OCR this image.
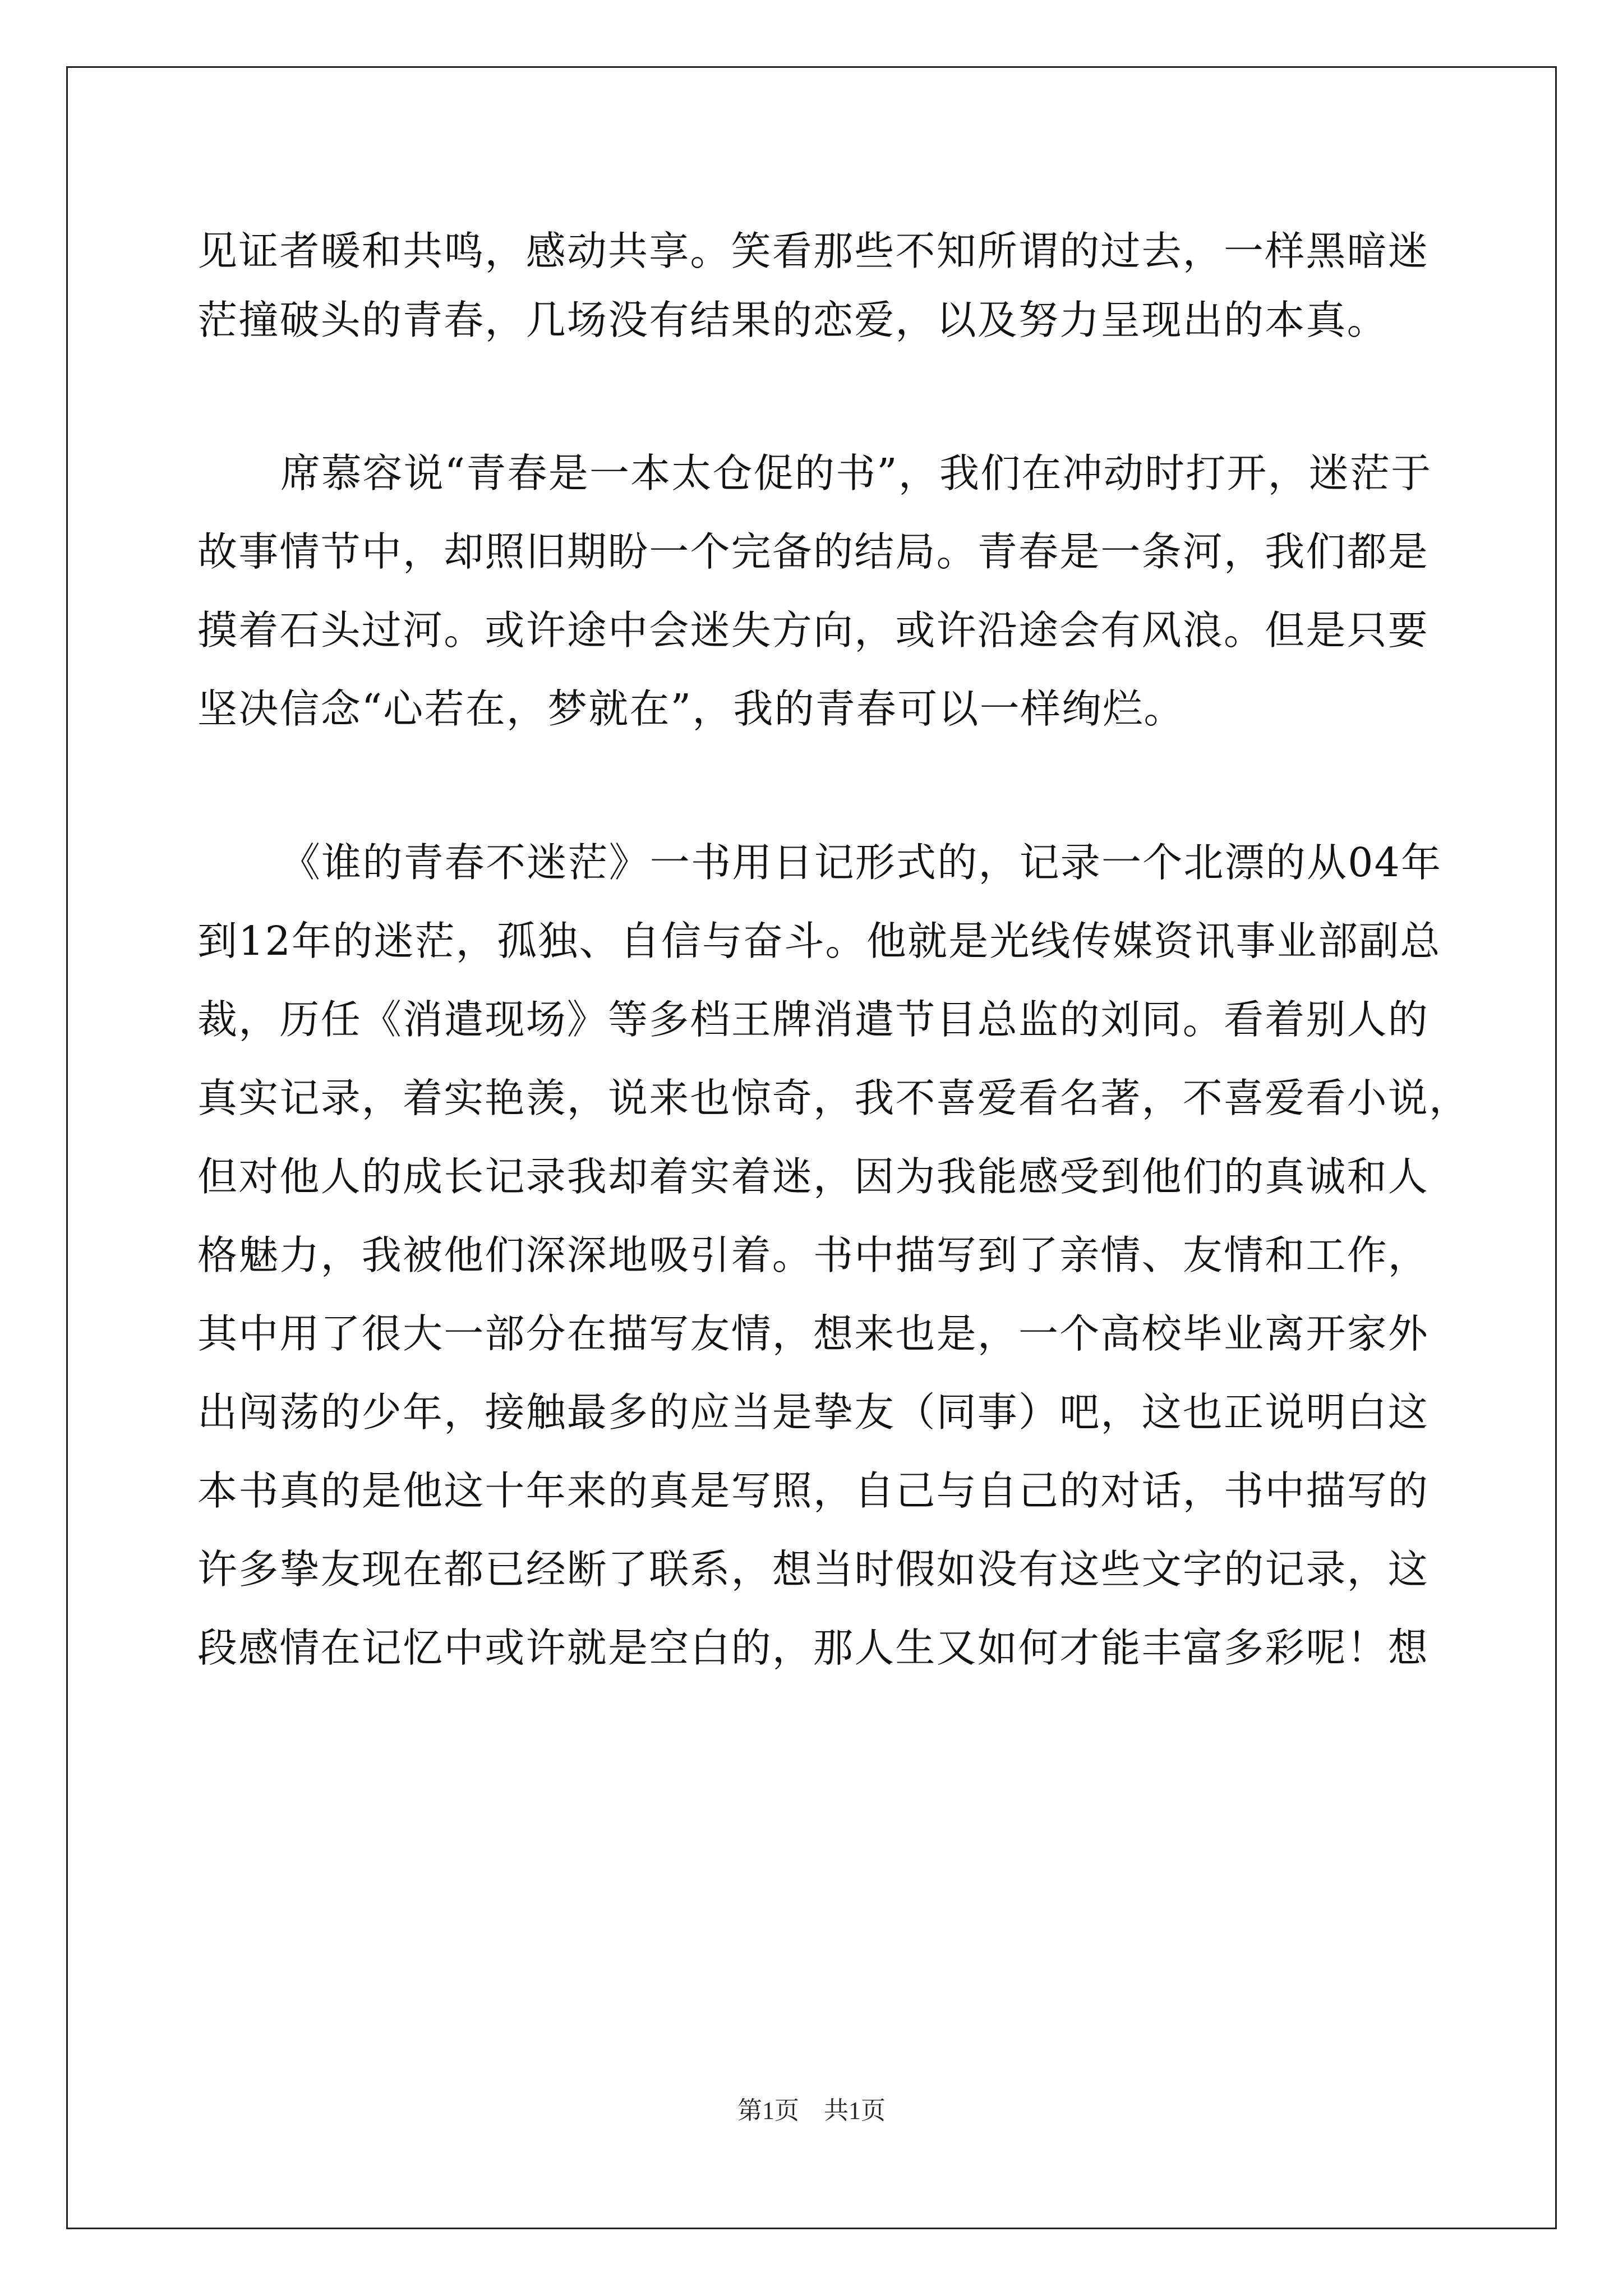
见证者暖和共鸣，感动共享。笑看那些不知所谓的过去，一样黑暗迷
茫撞破头的青春，几场没有结果的恋爱，以及努力呈现出的本真。
席慕容说“青春是一本太仓促的书”，我们在冲动时打开，迷茫于
故事情节中，却照旧期盼一个完备的结局。青春是一条河，我们都是
摸着石头过河。或许途中会迷失方向，或许沿途会有风浪。但是只要
坚决信念“心若在，梦就在”，我的青春可以一样绚烂。
《谁的青春不迷茫》一书用日记形式的，记录一个北漂的从04年
到12年的迷茫，孤独、自信与奋斗。他就是光线传媒资讯事业部副总
裁，历任《消遣现场》等多档王牌消遣节目总监的刘同。看着别人的
真实记录，着实艳羡，说来也惊奇，我不喜爱看名著，不喜爱看小说，
但对他人的成长记录我却着实着迷，因为我能感受到他们的真诚和人
格魅力，我被他们深深地吸引着。书中描写到了亲情、友情和工作，
其中用了很大一部分在描写友情，想来也是，一个高校毕业离开家外
出闯荡的少年，接触最多的应当是挚友（同事）吧，这也正说明白这
本书真的是他这十年来的真是写照，自己与自己的对话，书中描写的
许多挚友现在都已经断了联系，想当时假如没有这些文字的记录，这
段感情在记忆中或许就是空白的，那人生又如何才能丰富多彩呢！想
第1页　共1页
